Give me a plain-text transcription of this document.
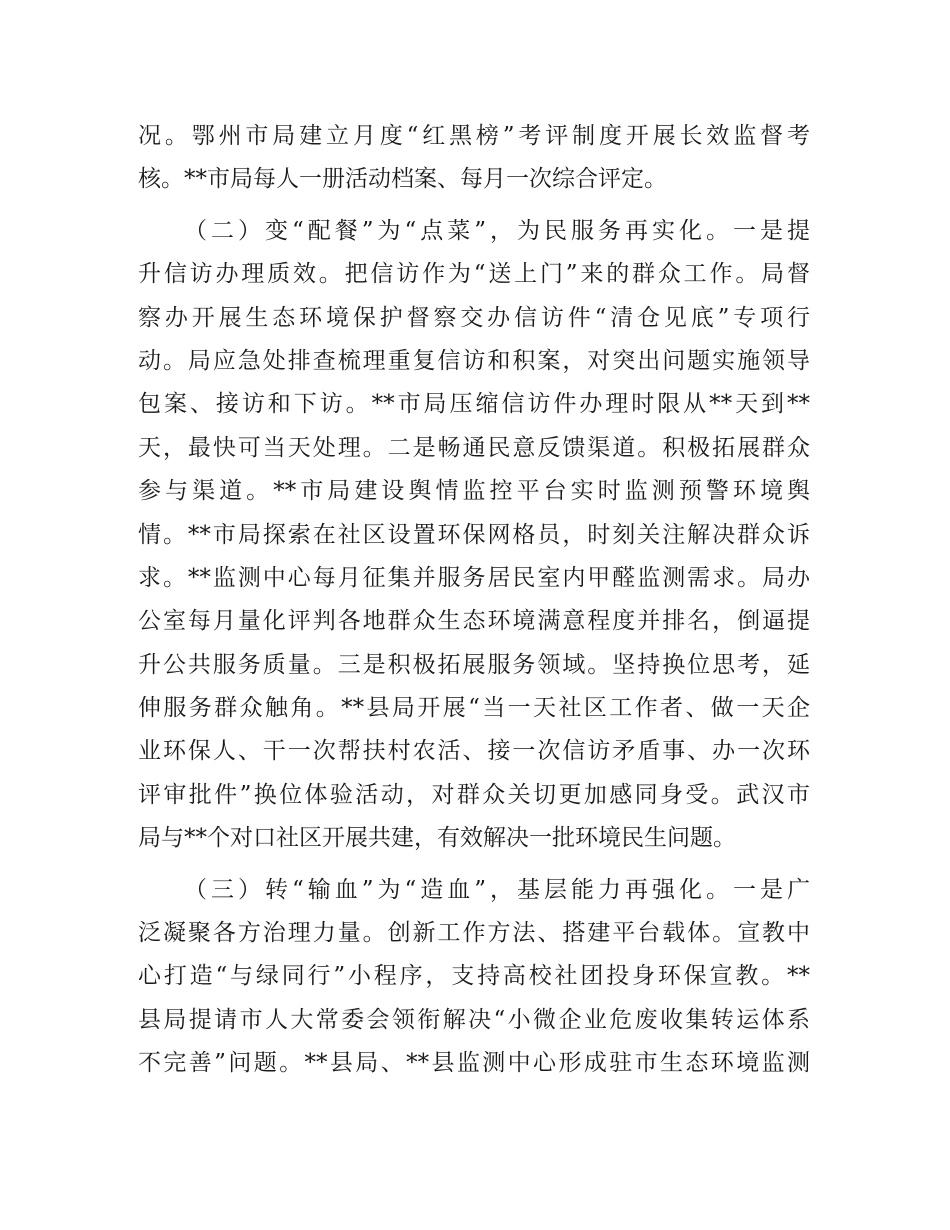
况。鄂州市局建立月度“红黑榜”考评制度开展长效监督考
核。**市局每人一册活动档案、每月一次综合评定。
（二）变“配餐”为“点菜”，为民服务再实化。一是提
升信访办理质效。把信访作为“送上门”来的群众工作。局督
察办开展生态环境保护督察交办信访件“清仓见底”专项行
动。局应急处排查梳理重复信访和积案，对突出问题实施领导
包案、接访和下访。**市局压缩信访件办理时限从**天到**
天，最快可当天处理。二是畅通民意反馈渠道。积极拓展群众
参与渠道。**市局建设舆情监控平台实时监测预警环境舆
情。**市局探索在社区设置环保网格员，时刻关注解决群众诉
求。**监测中心每月征集并服务居民室内甲醛监测需求。局办
公室每月量化评判各地群众生态环境满意程度并排名，倒逼提
升公共服务质量。三是积极拓展服务领域。坚持换位思考，延
伸服务群众触角。**县局开展“当一天社区工作者、做一天企
业环保人、干一次帮扶村农活、接一次信访矛盾事、办一次环
评审批件”换位体验活动，对群众关切更加感同身受。武汉市
局与**个对口社区开展共建，有效解决一批环境民生问题。
（三）转“输血”为“造血”，基层能力再强化。一是广
泛凝聚各方治理力量。创新工作方法、搭建平台载体。宣教中
心打造“与绿同行”小程序，支持高校社团投身环保宣教。**
县局提请市人大常委会领衔解决“小微企业危废收集转运体系
不完善”问题。**县局、**县监测中心形成驻市生态环境监测
